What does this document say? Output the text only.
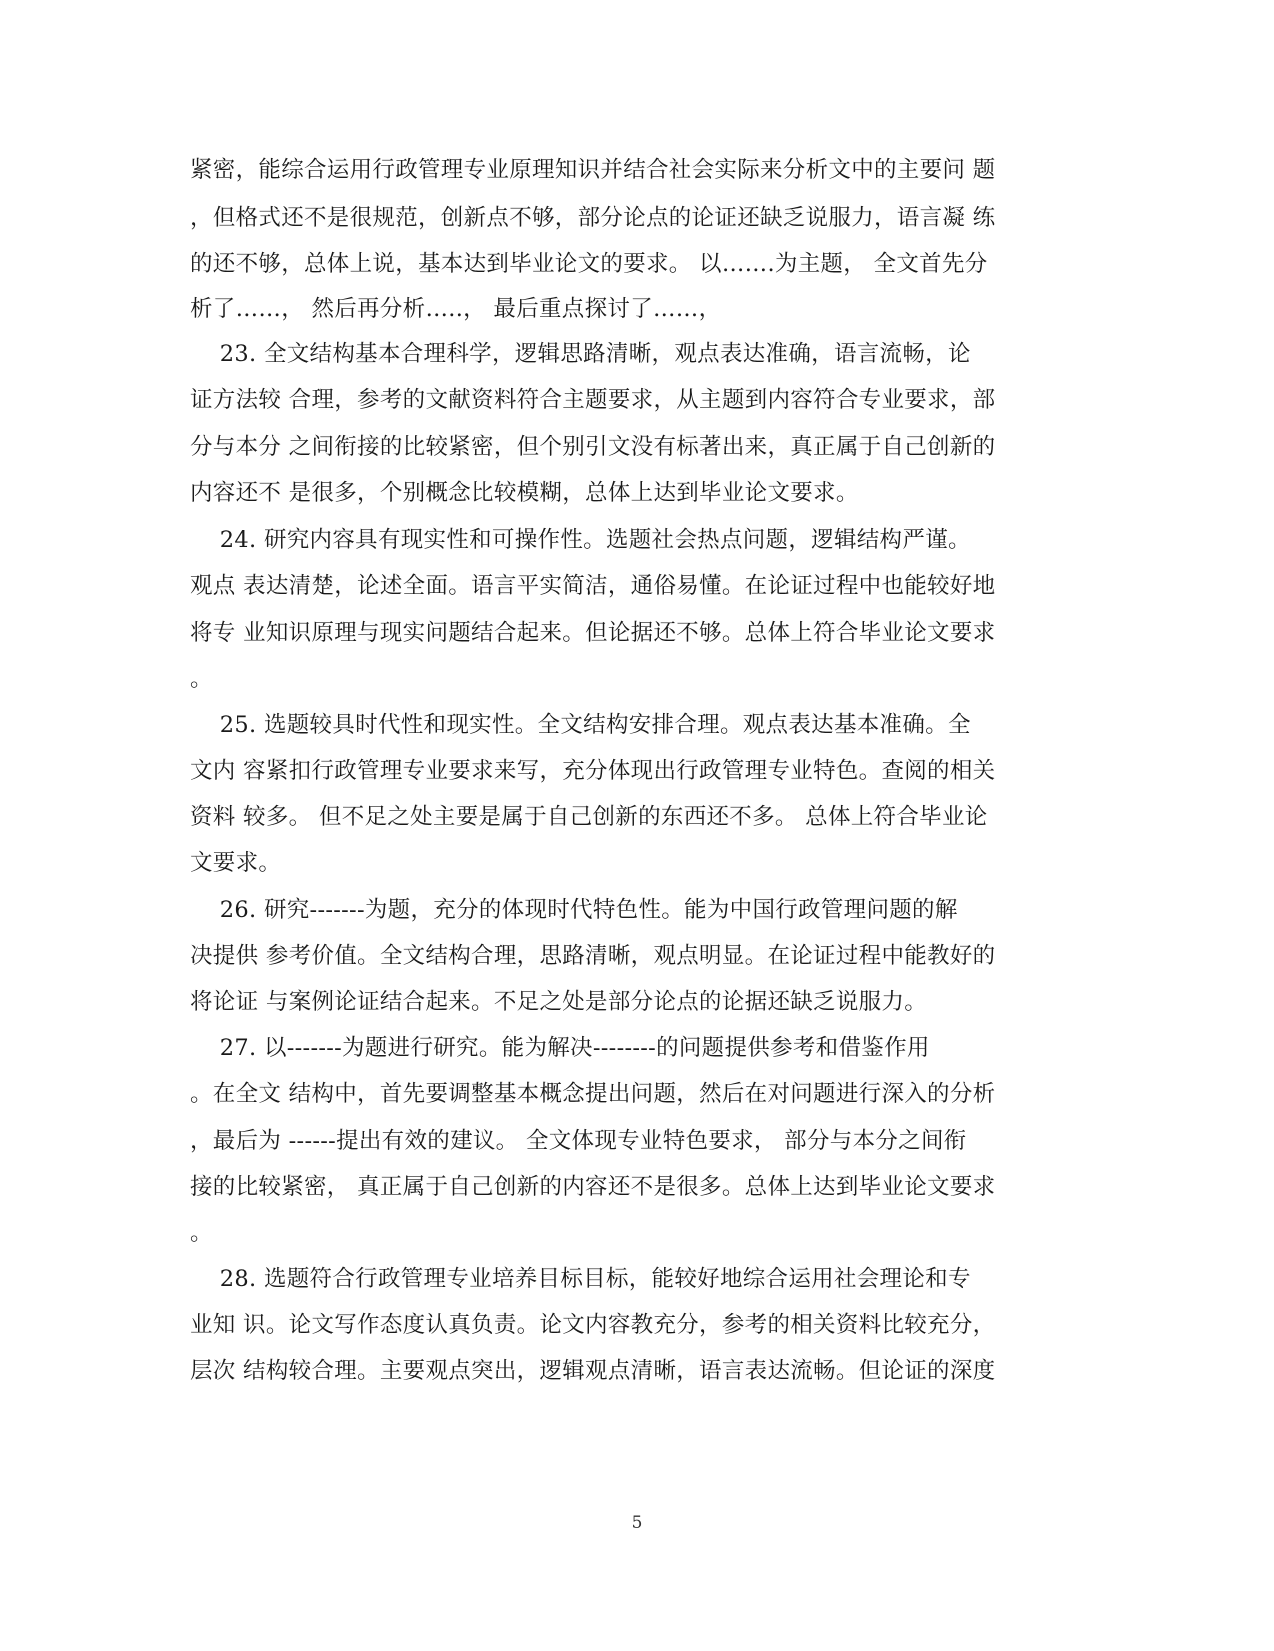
紧密，能综合运用行政管理专业原理知识并结合社会实际来分析文中的主要问 题
，但格式还不是很规范，创新点不够，部分论点的论证还缺乏说服力，语言凝 练
的还不够，总体上说，基本达到毕业论文的要求。 以…….为主题， 全文首先分
析了……， 然后再分析…..， 最后重点探讨了……，
23. 全文结构基本合理科学，逻辑思路清晰，观点表达准确，语言流畅，论
证方法较 合理，参考的文献资料符合主题要求，从主题到内容符合专业要求，部
分与本分 之间衔接的比较紧密，但个别引文没有标著出来，真正属于自己创新的
内容还不 是很多，个别概念比较模糊，总体上达到毕业论文要求。
24. 研究内容具有现实性和可操作性。选题社会热点问题，逻辑结构严谨。
观点 表达清楚，论述全面。语言平实简洁，通俗易懂。在论证过程中也能较好地
将专 业知识原理与现实问题结合起来。但论据还不够。总体上符合毕业论文要求
。
25. 选题较具时代性和现实性。全文结构安排合理。观点表达基本准确。全
文内 容紧扣行政管理专业要求来写，充分体现出行政管理专业特色。查阅的相关
资料 较多。 但不足之处主要是属于自己创新的东西还不多。 总体上符合毕业论
文要求。
26. 研究-------为题，充分的体现时代特色性。能为中国行政管理问题的解
决提供 参考价值。全文结构合理，思路清晰，观点明显。在论证过程中能教好的
将论证 与案例论证结合起来。不足之处是部分论点的论据还缺乏说服力。
27. 以-------为题进行研究。能为解决--------的问题提供参考和借鉴作用
。在全文 结构中，首先要调整基本概念提出问题，然后在对问题进行深入的分析
，最后为 ------提出有效的建议。 全文体现专业特色要求， 部分与本分之间衔
接的比较紧密， 真正属于自己创新的内容还不是很多。总体上达到毕业论文要求
。
28. 选题符合行政管理专业培养目标目标，能较好地综合运用社会理论和专
业知 识。论文写作态度认真负责。论文内容教充分，参考的相关资料比较充分，
层次 结构较合理。主要观点突出，逻辑观点清晰，语言表达流畅。但论证的深度
5
